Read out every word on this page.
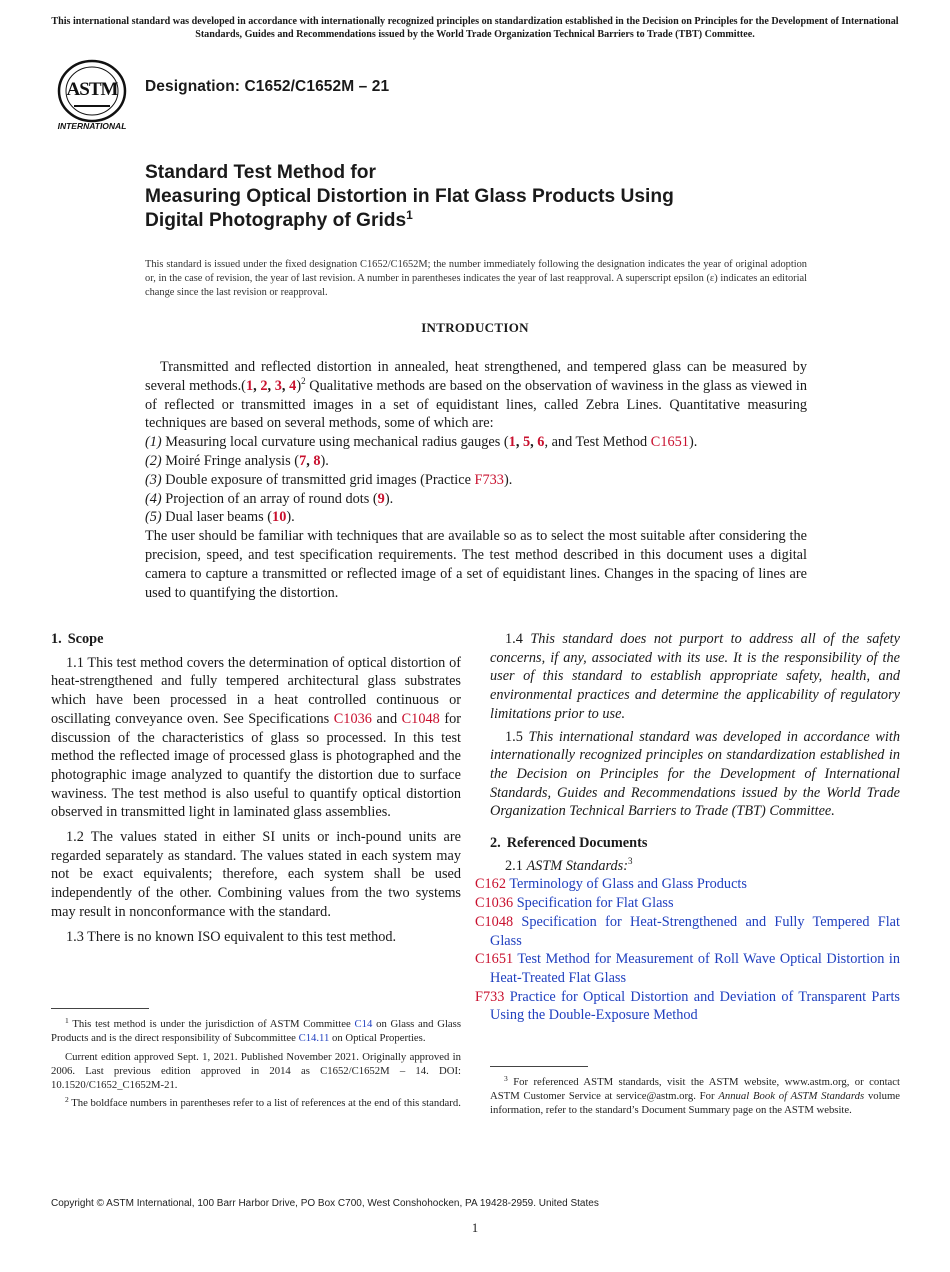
This international standard was developed in accordance with internationally recognized principles on standardization established in the Decision on Principles for the Development of International Standards, Guides and Recommendations issued by the World Trade Organization Technical Barriers to Trade (TBT) Committee.
ASTM
INTERNATIONAL
Designation: C1652/C1652M – 21
Standard Test Method for
Measuring Optical Distortion in Flat Glass Products Using
Digital Photography of Grids$^1$
This standard is issued under the fixed designation C1652/C1652M; the number immediately following the designation indicates the year of original adoption or, in the case of revision, the year of last revision. A number in parentheses indicates the year of last reapproval. A superscript epsilon (ε) indicates an editorial change since the last revision or reapproval.
INTRODUCTION

Transmitted and reflected distortion in annealed, heat strengthened, and tempered glass can be measured by several methods.(1, 2, 3, 4)$^2$ Qualitative methods are based on the observation of waviness in the glass as viewed in of reflected or transmitted images in a set of equidistant lines, called Zebra Lines. Quantitative measuring techniques are based on several methods, some of which are:

(1) Measuring local curvature using mechanical radius gauges (1, 5, 6, and Test Method C1651).

(2) Moiré Fringe analysis (7, 8).

(3) Double exposure of transmitted grid images (Practice F733).

(4) Projection of an array of round dots (9).

(5) Dual laser beams (10).

The user should be familiar with techniques that are available so as to select the most suitable after considering the precision, speed, and test specification requirements. The test method described in this document uses a digital camera to capture a transmitted or reflected image of a set of equidistant lines. Changes in the spacing of lines are used to quantifying the distortion.

1. Scope

1.1 This test method covers the determination of optical distortion of heat-strengthened and fully tempered architectural glass substrates which have been processed in a heat controlled continuous or oscillating conveyance oven. See Specifications C1036 and C1048 for discussion of the characteristics of glass so processed. In this test method the reflected image of processed glass is photographed and the photographic image analyzed to quantify the distortion due to surface waviness. The test method is also useful to quantify optical distortion observed in transmitted light in laminated glass assemblies.

1.2 The values stated in either SI units or inch-pound units are regarded separately as standard. The values stated in each system may not be exact equivalents; therefore, each system shall be used independently of the other. Combining values from the two systems may result in nonconformance with the standard.

1.3 There is no known ISO equivalent to this test method.

1.4 This standard does not purport to address all of the safety concerns, if any, associated with its use. It is the responsibility of the user of this standard to establish appropriate safety, health, and environmental practices and determine the applicability of regulatory limitations prior to use.

1.5 This international standard was developed in accordance with internationally recognized principles on standardization established in the Decision on Principles for the Development of International Standards, Guides and Recommendations issued by the World Trade Organization Technical Barriers to Trade (TBT) Committee.

2. Referenced Documents

2.1 ASTM Standards:$^3$

C162 Terminology of Glass and Glass Products

C1036 Specification for Flat Glass

C1048 Specification for Heat-Strengthened and Fully Tempered Flat Glass

C1651 Test Method for Measurement of Roll Wave Optical Distortion in Heat-Treated Flat Glass

F733 Practice for Optical Distortion and Deviation of Transparent Parts Using the Double-Exposure Method

$^1$ This test method is under the jurisdiction of ASTM Committee C14 on Glass and Glass Products and is the direct responsibility of Subcommittee C14.11 on Optical Properties.

Current edition approved Sept. 1, 2021. Published November 2021. Originally approved in 2006. Last previous edition approved in 2014 as C1652/C1652M – 14. DOI: 10.1520/C1652_C1652M-21.

$^2$ The boldface numbers in parentheses refer to a list of references at the end of this standard.

$^3$ For referenced ASTM standards, visit the ASTM website, www.astm.org, or contact ASTM Customer Service at service@astm.org. For Annual Book of ASTM Standards volume information, refer to the standard’s Document Summary page on the ASTM website.

Copyright © ASTM International, 100 Barr Harbor Drive, PO Box C700, West Conshohocken, PA 19428-2959. United States
1
